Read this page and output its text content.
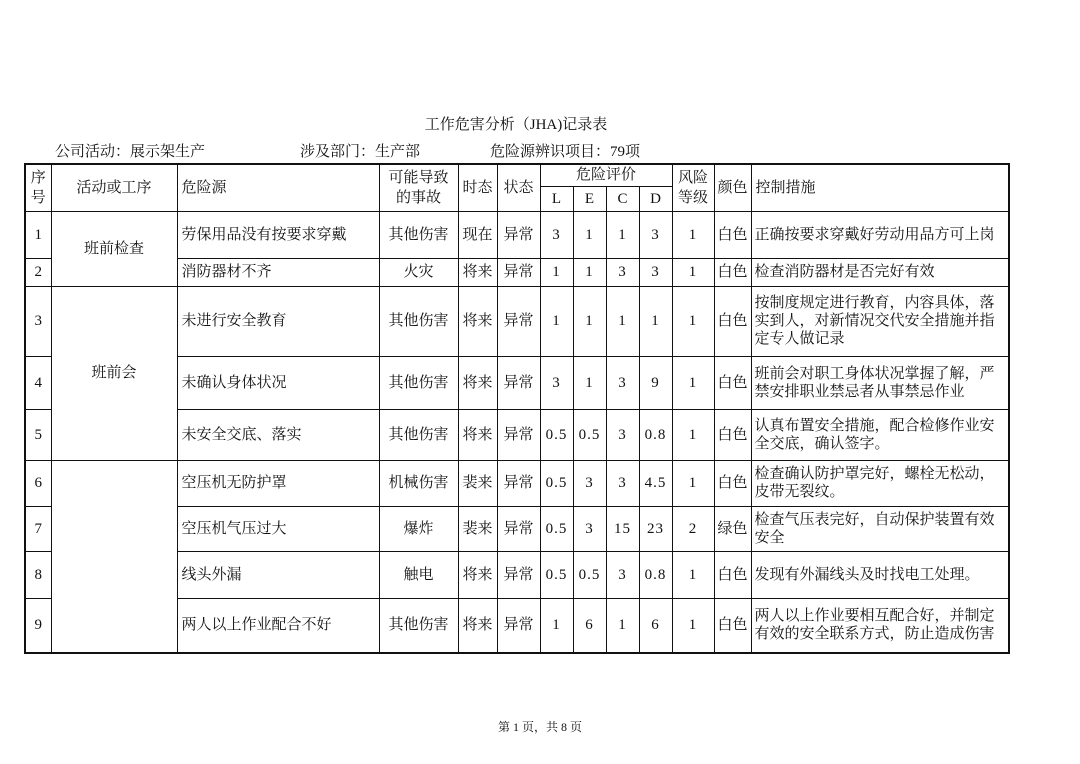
工作危害分析（JHA)记录表
公司活动：展示架生产	涉及部门：生产部	危险源辨识项目：79项
序号	活动或工序	危险源	可能导致的事故	时态	状态	危险评价				风险等级	颜色	控制措施
						L	E	C	D			
1	班前检查	劳保用品没有按要求穿戴	其他伤害	现在	异常	3	1	1	3	1	白色	正确按要求穿戴好劳动用品方可上岗
2		消防器材不齐	火灾	将来	异常	1	1	3	3	1	白色	检查消防器材是否完好有效
3	班前会	未进行安全教育	其他伤害	将来	异常	1	1	1	1	1	白色	按制度规定进行教育，内容具体，落实到人，对新情况交代安全措施并指定专人做记录
4		未确认身体状况	其他伤害	将来	异常	3	1	3	9	1	白色	班前会对职工身体状况掌握了解，严禁安排职业禁忌者从事禁忌作业
5		未安全交底、落实	其他伤害	将来	异常	0.5	0.5	3	0.8	1	白色	认真布置安全措施，配合检修作业安全交底，确认签字。
6		空压机无防护罩	机械伤害	裴来	异常	0.5	3	3	4.5	1	白色	检查确认防护罩完好，螺栓无松动，皮带无裂纹。
7		空压机气压过大	爆炸	裴来	异常	0.5	3	15	23	2	绿色	检查气压表完好，自动保护装置有效安全
8		线头外漏	触电	将来	异常	0.5	0.5	3	0.8	1	白色	发现有外漏线头及时找电工处理。
9		两人以上作业配合不好	其他伤害	将来	异常	1	6	1	6	1	白色	两人以上作业要相互配合好，并制定有效的安全联系方式，防止造成伤害
第 1 页，共 8 页
